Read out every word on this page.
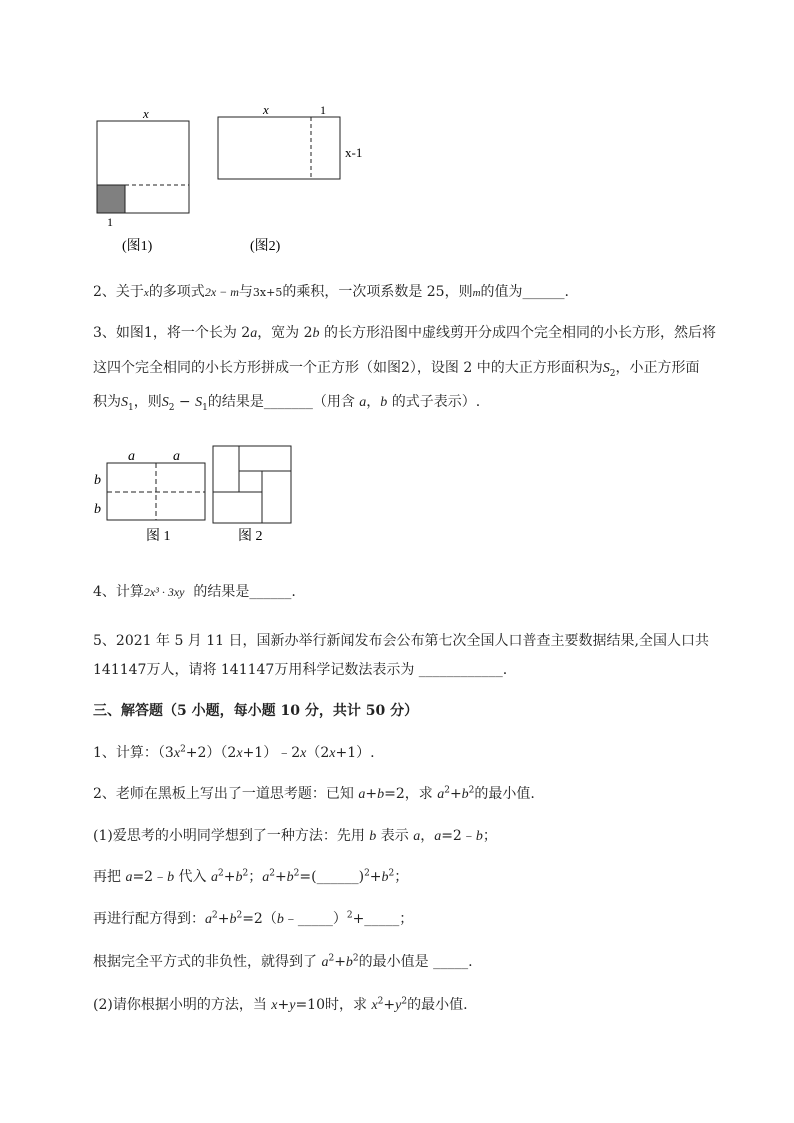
x
1
(图1)
x	1
x-1
(图2)
2、关于x的多项式2x − m与3x+5的乘积，一次项系数是 25，则m的值为______.
3、如图1，将一个长为 2a，宽为 2b 的长方形沿图中虚线剪开分成四个完全相同的小长方形，然后将
这四个完全相同的小长方形拼成一个正方形（如图2），设图 2 中的大正方形面积为$S_2$，小正方形面
积为$S_1$，则$S_2 - S_1$的结果是_______（用含 a，b 的式子表示）.
a	a
b
b
图 1	图 2
4、计算2x³ · 3xy 的结果是______.
5、2021 年 5 月 11 日，国新办举行新闻发布会公布第七次全国人口普查主要数据结果,全国人口共
141147万人，请将 141147万用科学记数法表示为 ____________.
三、解答题（5 小题，每小题 10 分，共计 50 分）
1、计算：$(3x^2+2)(2x+1)﹣2x(2x+1)$.
2、老师在黑板上写出了一道思考题：已知 a+b=2，求 $a^2+b^2$的最小值.
(1)爱思考的小明同学想到了一种方法：先用 b 表示 a，a=2﹣b；
再把 a=2﹣b 代入 $a^2+b^2$；$a^2+b^2=(\_\_\_\_\_\_)^2+b^2$；
再进行配方得到：$a^2+b^2=2(b﹣\_\_\_\_\_)^2+\_\_\_\_\_$；
根据完全平方式的非负性，就得到了 $a^2+b^2$的最小值是 _____.
(2)请你根据小明的方法，当 x+y=10时，求 $x^2+y^2$的最小值.
